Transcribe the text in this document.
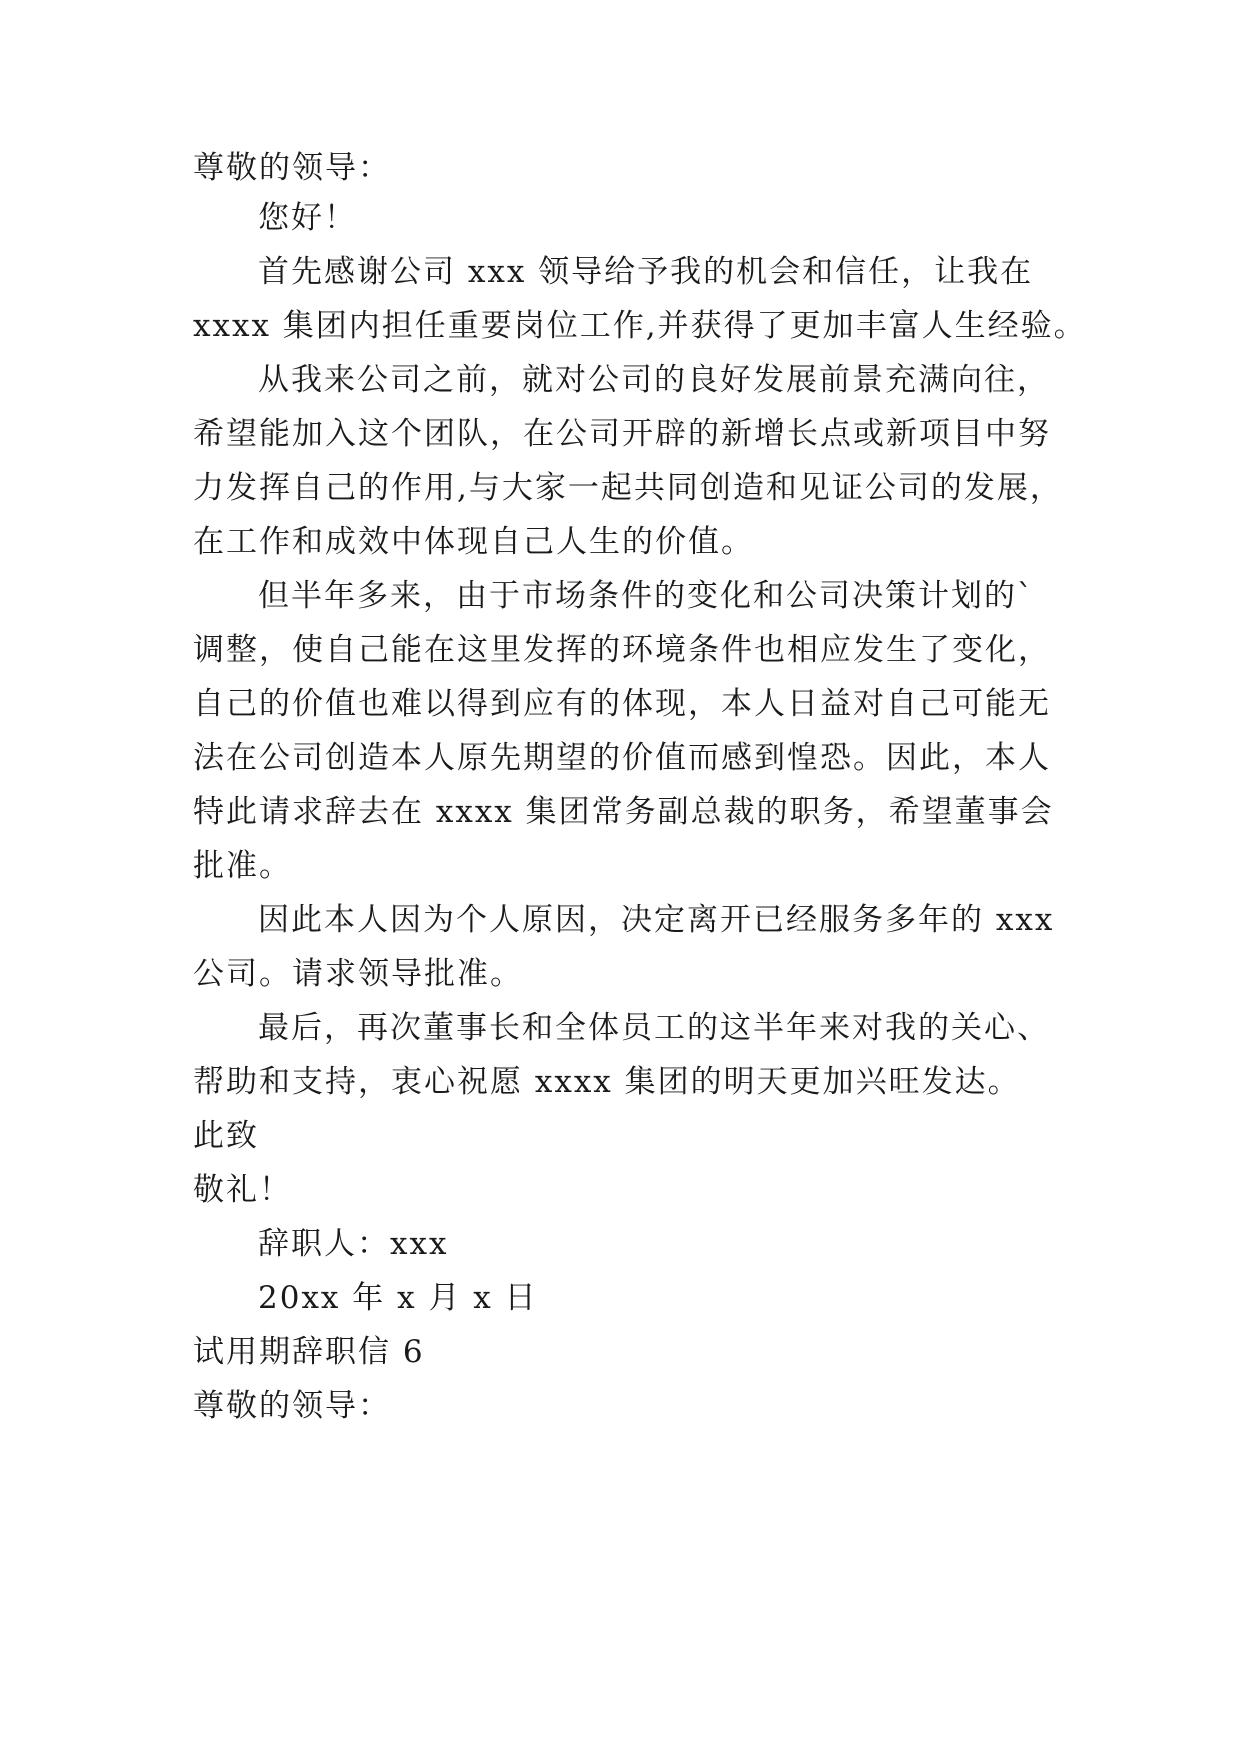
尊敬的领导：
您好！
首先感谢公司 xxx 领导给予我的机会和信任，让我在
xxxx 集团内担任重要岗位工作,并获得了更加丰富人生经验。
从我来公司之前，就对公司的良好发展前景充满向往，
希望能加入这个团队，在公司开辟的新增长点或新项目中努
力发挥自己的作用,与大家一起共同创造和见证公司的发展，
在工作和成效中体现自己人生的价值。
但半年多来，由于市场条件的变化和公司决策计划的`
调整，使自己能在这里发挥的环境条件也相应发生了变化，
自己的价值也难以得到应有的体现，本人日益对自己可能无
法在公司创造本人原先期望的价值而感到惶恐。因此，本人
特此请求辞去在 xxxx 集团常务副总裁的职务，希望董事会
批准。
因此本人因为个人原因，决定离开已经服务多年的 xxx
公司。请求领导批准。
最后，再次董事长和全体员工的这半年来对我的关心、
帮助和支持，衷心祝愿 xxxx 集团的明天更加兴旺发达。
此致
敬礼！
辞职人：xxx
20xx 年 x 月 x 日
试用期辞职信 6
尊敬的领导：
